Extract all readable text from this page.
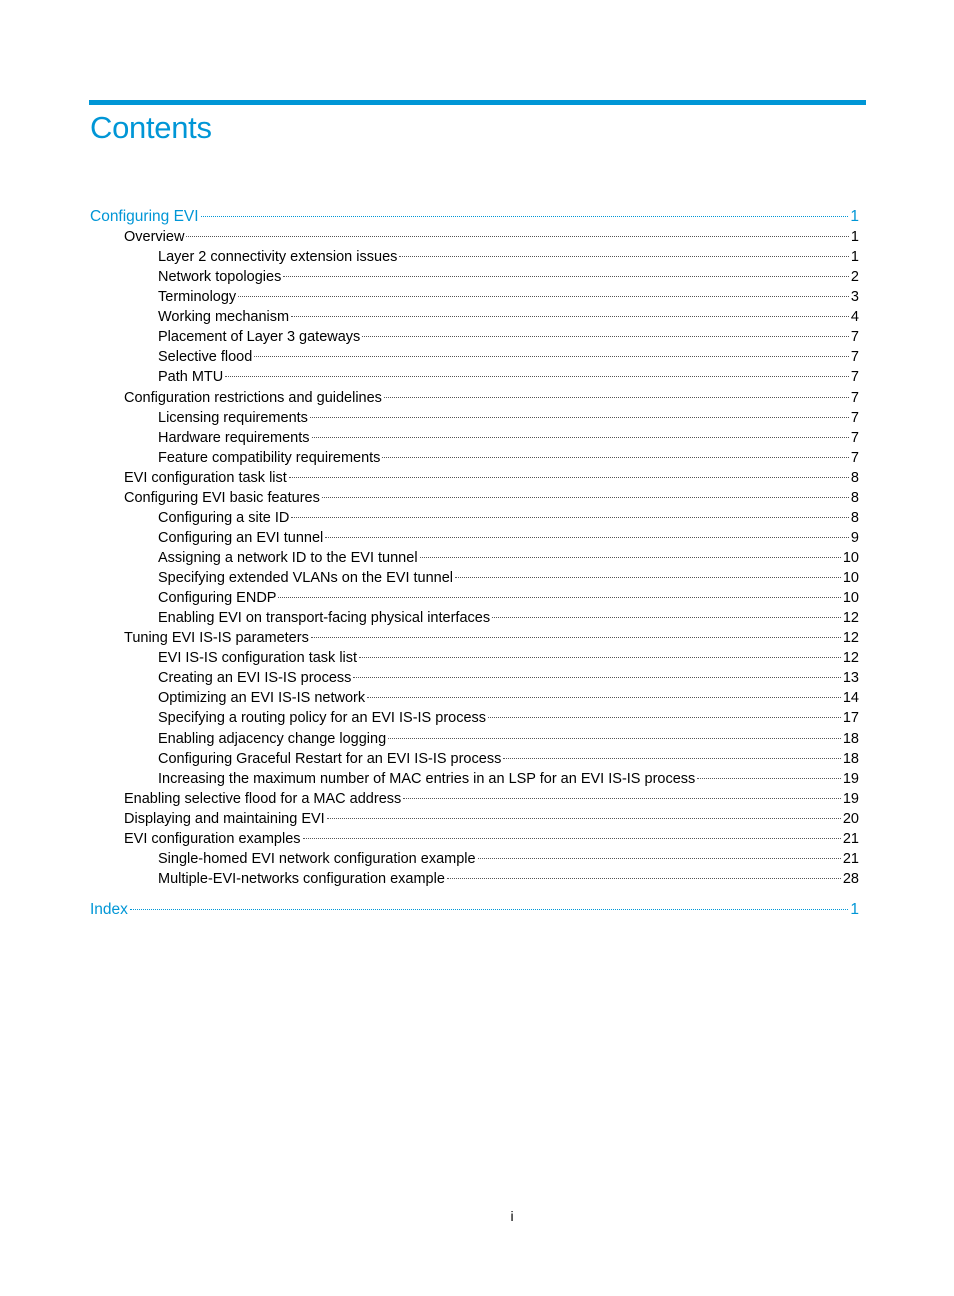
Contents
Configuring EVI	1
Overview	1
Layer 2 connectivity extension issues	1
Network topologies	2
Terminology	3
Working mechanism	4
Placement of Layer 3 gateways	7
Selective flood	7
Path MTU	7
Configuration restrictions and guidelines	7
Licensing requirements	7
Hardware requirements	7
Feature compatibility requirements	7
EVI configuration task list	8
Configuring EVI basic features	8
Configuring a site ID	8
Configuring an EVI tunnel	9
Assigning a network ID to the EVI tunnel	10
Specifying extended VLANs on the EVI tunnel	10
Configuring ENDP	10
Enabling EVI on transport-facing physical interfaces	12
Tuning EVI IS-IS parameters	12
EVI IS-IS configuration task list	12
Creating an EVI IS-IS process	13
Optimizing an EVI IS-IS network	14
Specifying a routing policy for an EVI IS-IS process	17
Enabling adjacency change logging	18
Configuring Graceful Restart for an EVI IS-IS process	18
Increasing the maximum number of MAC entries in an LSP for an EVI IS-IS process	19
Enabling selective flood for a MAC address	19
Displaying and maintaining EVI	20
EVI configuration examples	21
Single-homed EVI network configuration example	21
Multiple-EVI-networks configuration example	28
Index	1
i
